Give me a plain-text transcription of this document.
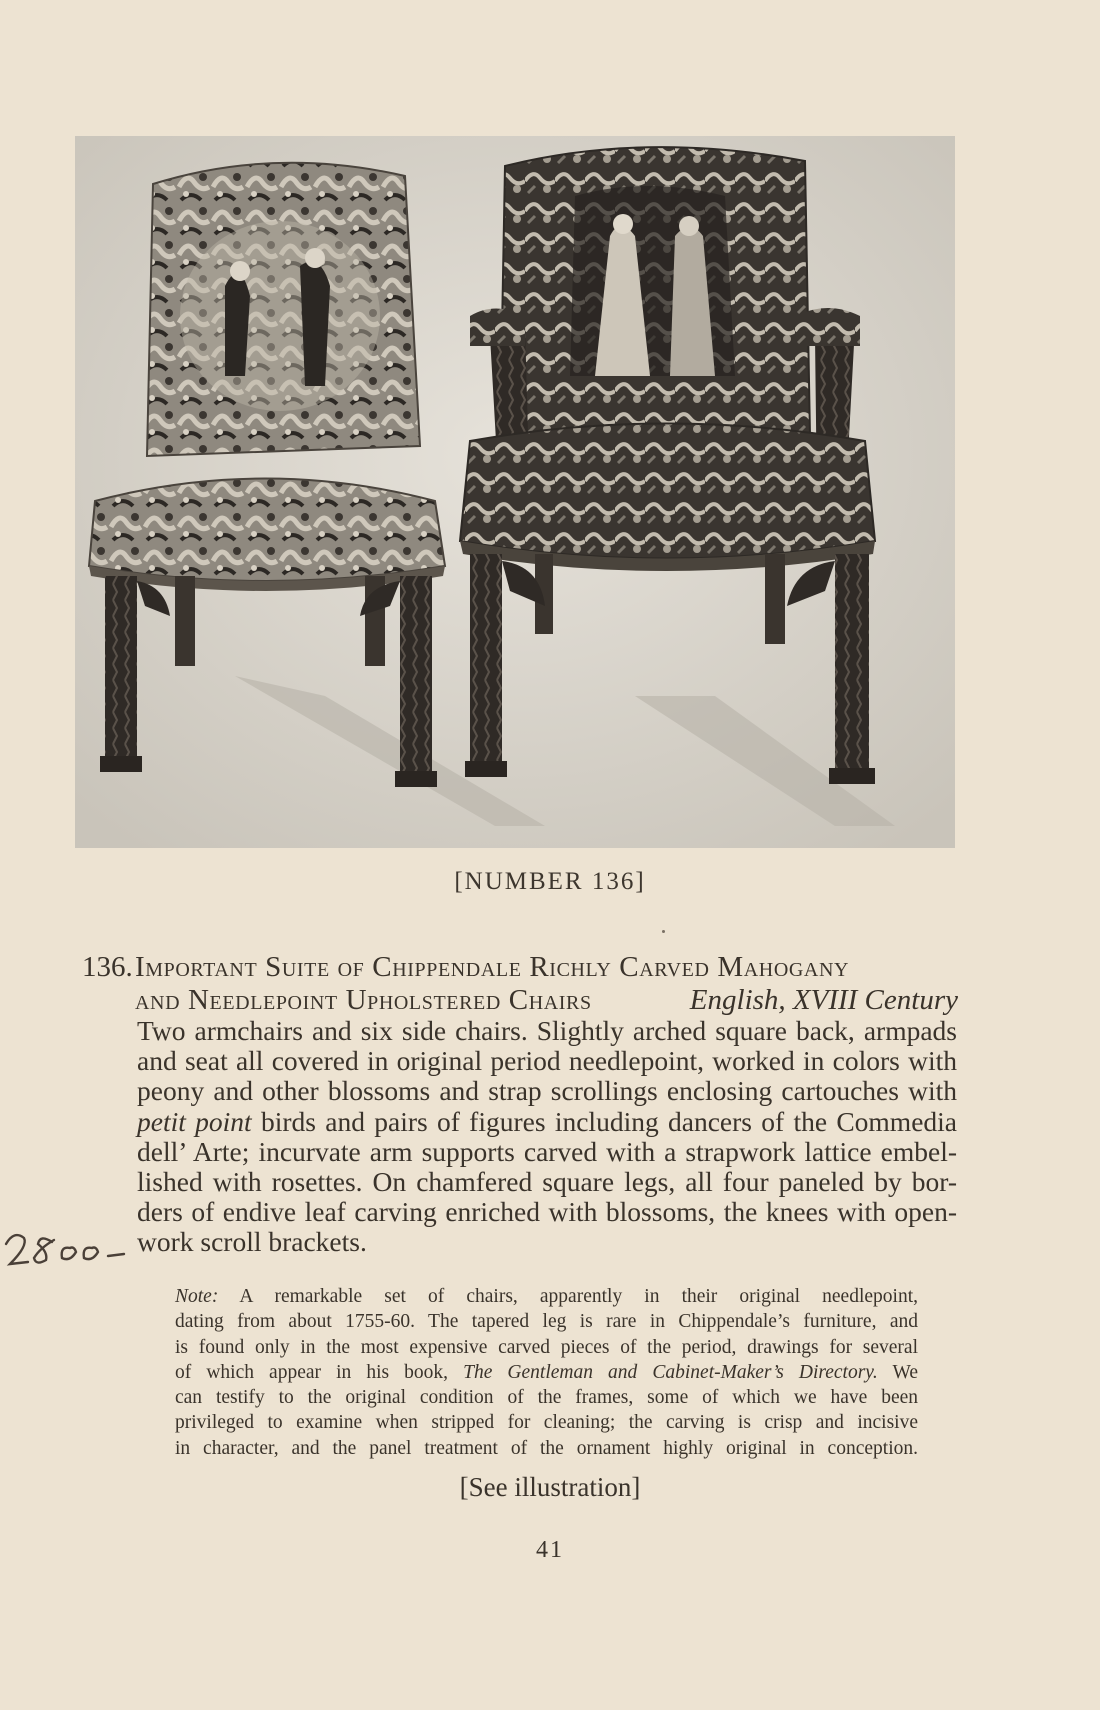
[NUMBER 136]
136. Important Suite of Chippendale Richly Carved Mahogany
and Needlepoint Upholstered Chairs	English, XVIII Century
Two armchairs and six side chairs. Slightly arched square back, armpads
and seat all covered in original period needlepoint, worked in colors with
peony and other blossoms and strap scrollings enclosing cartouches with
petit point birds and pairs of figures including dancers of the Commedia
dell’ Arte; incurvate arm supports carved with a strapwork lattice embel-
lished with rosettes. On chamfered square legs, all four paneled by bor-
ders of endive leaf carving enriched with blossoms, the knees with open-
work scroll brackets.
Note: A remarkable set of chairs, apparently in their original needlepoint,
dating from about 1755-60. The tapered leg is rare in Chippendale’s furniture, and
is found only in the most expensive carved pieces of the period, drawings for several
of which appear in his book, The Gentleman and Cabinet-Maker’s Directory. We
can testify to the original condition of the frames, some of which we have been
privileged to examine when stripped for cleaning; the carving is crisp and incisive
in character, and the panel treatment of the ornament highly original in conception.
[See illustration]
41
